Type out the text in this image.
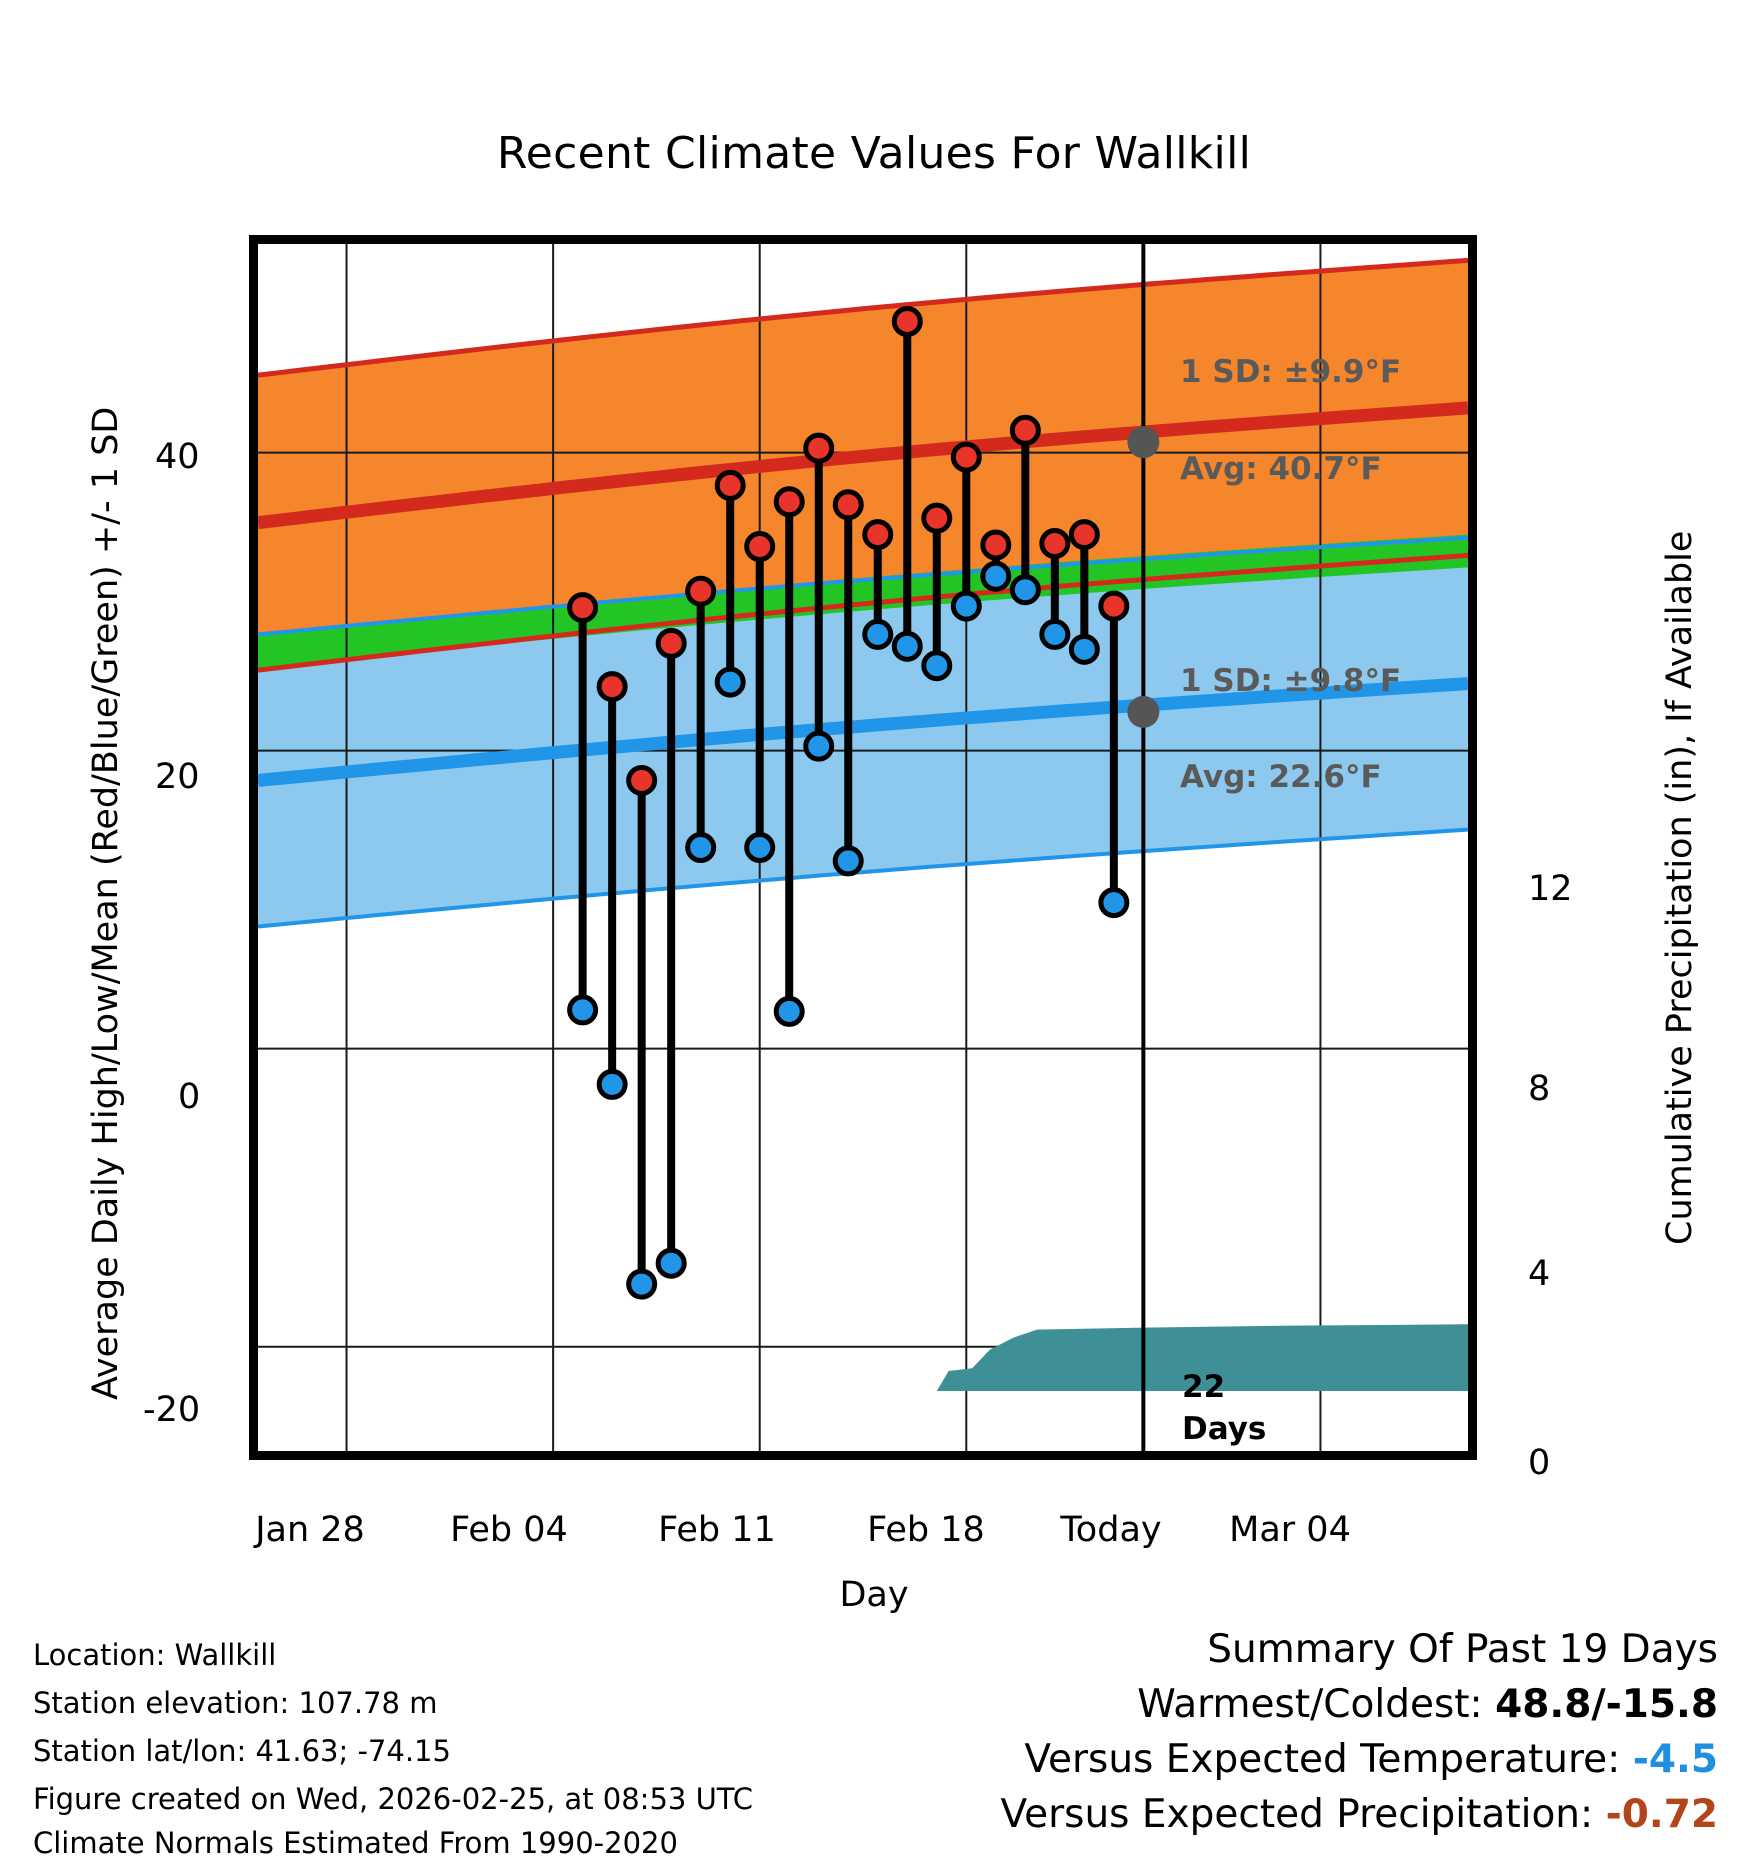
Recent Climate Values For Wallkill
Average Daily High/Low/Mean (Red/Blue/Green) +/- 1 SD	Cumulative Precipitation (in), If Available
-20
0
20
40
0
4
8
12
Jan 28	Feb 04	Feb 11	Feb 18	Today	Mar 04
Day
1 SD: ±9.9°F
Avg: 40.7°F
1 SD: ±9.8°F
Avg: 22.6°F
22
Days
Location: Wallkill
Station elevation: 107.78 m
Station lat/lon: 41.63; -74.15
Figure created on Wed, 2026-02-25, at 08:53 UTC
Climate Normals Estimated From 1990-2020
Summary Of Past 19 Days
Warmest/Coldest: 48.8/-15.8
Versus Expected Temperature: -4.5
Versus Expected Precipitation: -0.72
